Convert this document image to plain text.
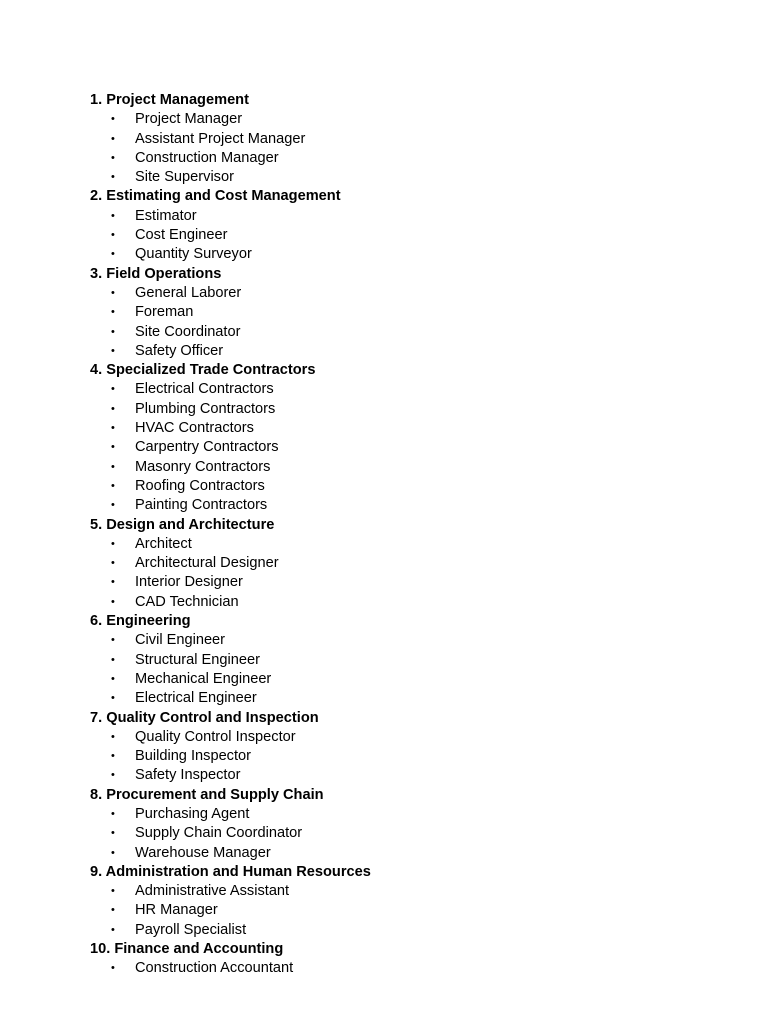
1. Project Management
• Project Manager
• Assistant Project Manager
• Construction Manager
• Site Supervisor
2. Estimating and Cost Management
• Estimator
• Cost Engineer
• Quantity Surveyor
3. Field Operations
• General Laborer
• Foreman
• Site Coordinator
• Safety Officer
4. Specialized Trade Contractors
• Electrical Contractors
• Plumbing Contractors
• HVAC Contractors
• Carpentry Contractors
• Masonry Contractors
• Roofing Contractors
• Painting Contractors
5. Design and Architecture
• Architect
• Architectural Designer
• Interior Designer
• CAD Technician
6. Engineering
• Civil Engineer
• Structural Engineer
• Mechanical Engineer
• Electrical Engineer
7. Quality Control and Inspection
• Quality Control Inspector
• Building Inspector
• Safety Inspector
8. Procurement and Supply Chain
• Purchasing Agent
• Supply Chain Coordinator
• Warehouse Manager
9. Administration and Human Resources
• Administrative Assistant
• HR Manager
• Payroll Specialist
10. Finance and Accounting
• Construction Accountant
